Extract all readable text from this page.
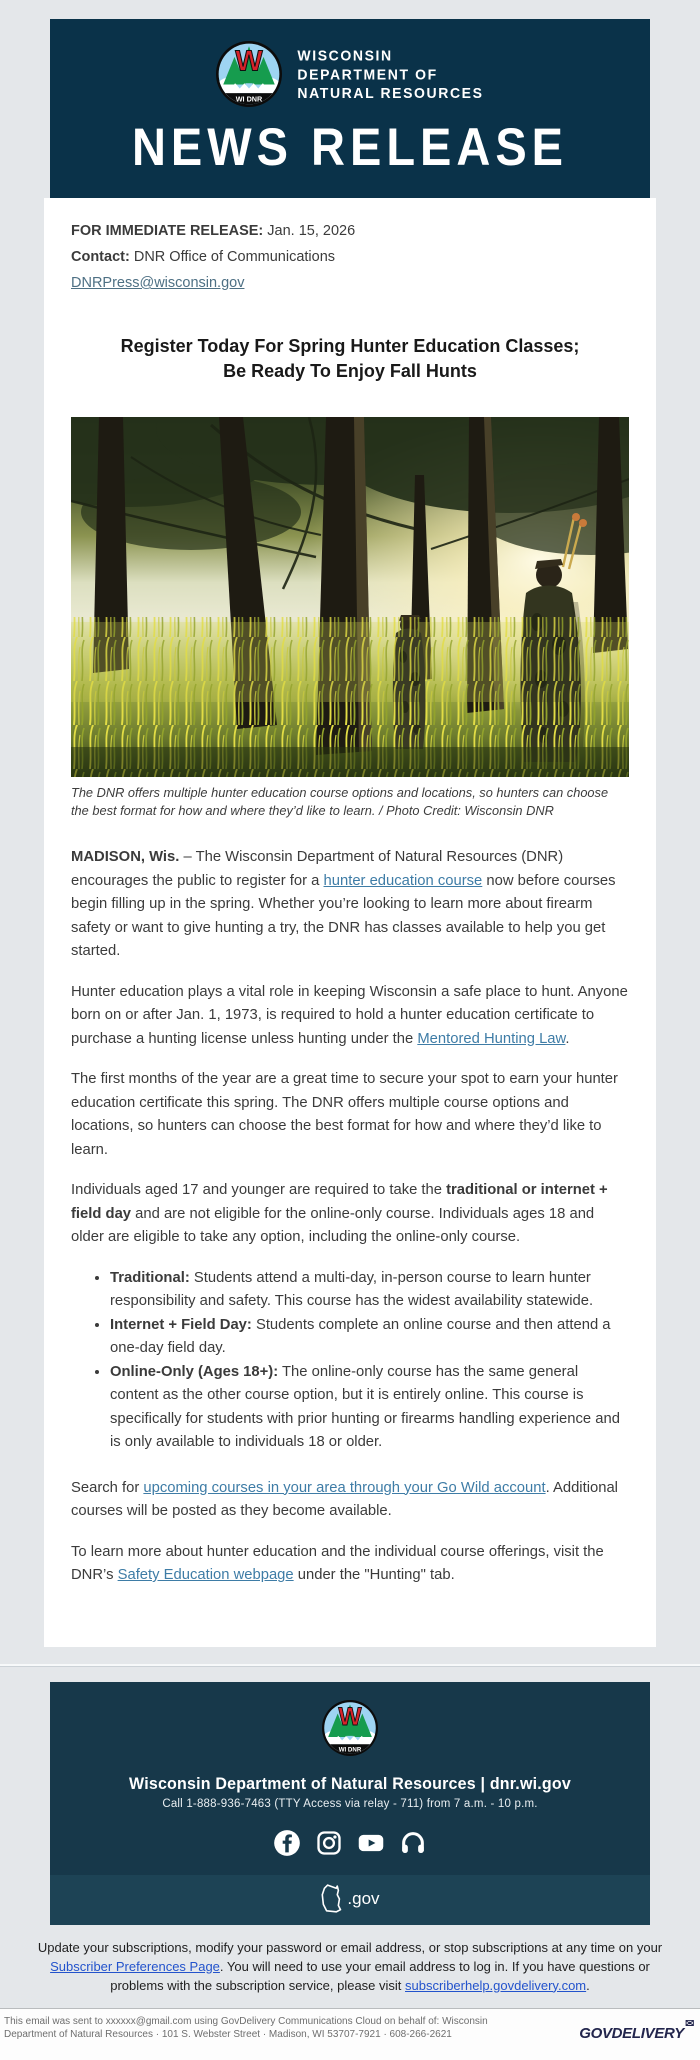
WISCONSIN
DEPARTMENT OF
NATURAL RESOURCES
NEWS RELEASE
FOR IMMEDIATE RELEASE: Jan. 15, 2026
Contact: DNR Office of Communications
DNRPress@wisconsin.gov
Register Today For Spring Hunter Education Classes;
Be Ready To Enjoy Fall Hunts
The DNR offers multiple hunter education course options and locations, so hunters can choose the best format for how and where they’d like to learn. / Photo Credit: Wisconsin DNR

MADISON, Wis. – The Wisconsin Department of Natural Resources (DNR) encourages the public to register for a hunter education course now before courses begin filling up in the spring. Whether you’re looking to learn more about firearm safety or want to give hunting a try, the DNR has classes available to help you get started.

Hunter education plays a vital role in keeping Wisconsin a safe place to hunt. Anyone born on or after Jan. 1, 1973, is required to hold a hunter education certificate to purchase a hunting license unless hunting under the Mentored Hunting Law.

The first months of the year are a great time to secure your spot to earn your hunter education certificate this spring. The DNR offers multiple course options and locations, so hunters can choose the best format for how and where they’d like to learn.

Individuals aged 17 and younger are required to take the traditional or internet + field day and are not eligible for the online-only course. Individuals ages 18 and older are eligible to take any option, including the online-only course.

• Traditional: Students attend a multi-day, in-person course to learn hunter responsibility and safety. This course has the widest availability statewide.
• Internet + Field Day: Students complete an online course and then attend a one-day field day.
• Online-Only (Ages 18+): The online-only course has the same general content as the other course option, but it is entirely online. This course is specifically for students with prior hunting or firearms handling experience and is only available to individuals 18 or older.

Search for upcoming courses in your area through your Go Wild account. Additional courses will be posted as they become available.

To learn more about hunter education and the individual course offerings, visit the DNR’s Safety Education webpage under the "Hunting" tab.

Wisconsin Department of Natural Resources | dnr.wi.gov
Call 1-888-936-7463 (TTY Access via relay - 711) from 7 a.m. - 10 p.m.
.gov
Update your subscriptions, modify your password or email address, or stop subscriptions at any time on your Subscriber Preferences Page. You will need to use your email address to log in. If you have questions or problems with the subscription service, please visit subscriberhelp.govdelivery.com.
This email was sent to xxxxxx@gmail.com using GovDelivery Communications Cloud on behalf of: Wisconsin Department of Natural Resources · 101 S. Webster Street · Madison, WI 53707-7921 · 608-266-2621	GOVDELIVERY
✉
